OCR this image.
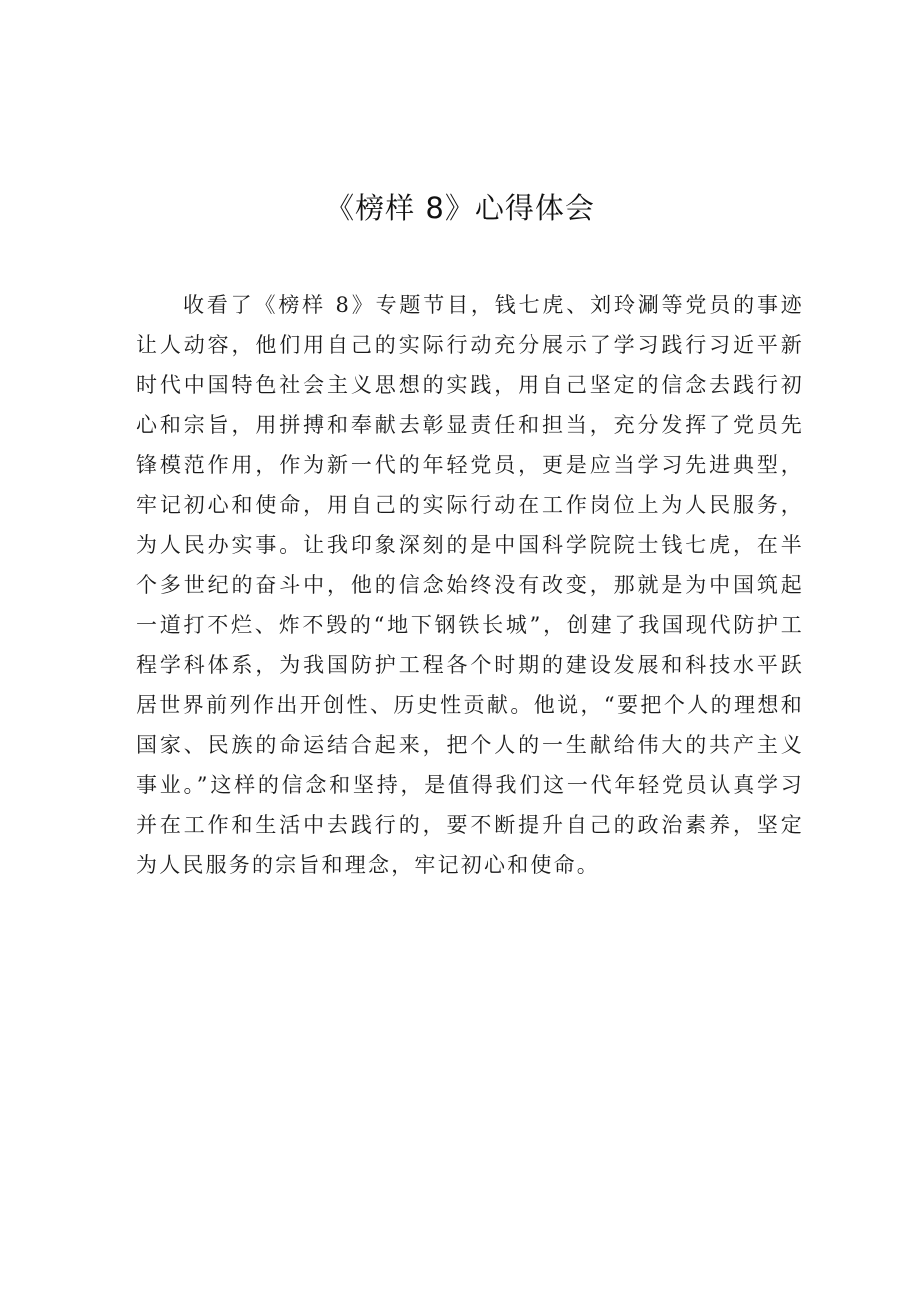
《榜样 8》心得体会

收看了《榜样 8》专题节目，钱七虎、刘玲涮等党员的事迹让人动容，他们用自己的实际行动充分展示了学习践行习近平新时代中国特色社会主义思想的实践，用自己坚定的信念去践行初心和宗旨，用拼搏和奉献去彰显责任和担当，充分发挥了党员先锋模范作用，作为新一代的年轻党员，更是应当学习先进典型，牢记初心和使命，用自己的实际行动在工作岗位上为人民服务，为人民办实事。让我印象深刻的是中国科学院院士钱七虎，在半个多世纪的奋斗中，他的信念始终没有改变，那就是为中国筑起一道打不烂、炸不毁的“地下钢铁长城”，创建了我国现代防护工程学科体系，为我国防护工程各个时期的建设发展和科技水平跃居世界前列作出开创性、历史性贡献。他说，“要把个人的理想和国家、民族的命运结合起来，把个人的一生献给伟大的共产主义事业。”这样的信念和坚持，是值得我们这一代年轻党员认真学习并在工作和生活中去践行的，要不断提升自己的政治素养，坚定为人民服务的宗旨和理念，牢记初心和使命。
